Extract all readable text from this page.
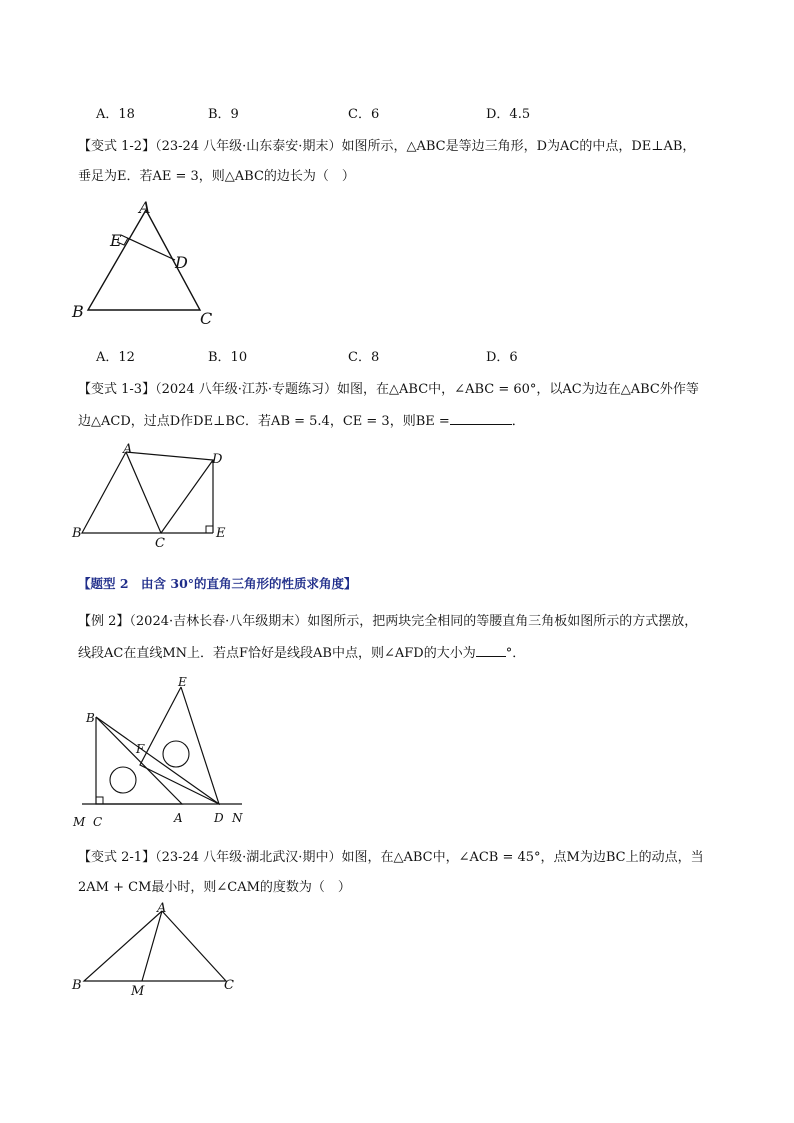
A．18	B．9	C．6	D．4.5
【变式 1-2】（23-24 八年级·山东泰安·期末）如图所示，△ABC是等边三角形，D为AC的中点，DE⊥AB，
垂足为E．若AE = 3，则△ABC的边长为（　）
A
E
D
B	C
A．12	B．10	C．8	D．6
【变式 1-3】（2024 八年级·江苏·专题练习）如图，在△ABC中，∠ABC = 60°，以AC为边在△ABC外作等
边△ACD，过点D作DE⊥BC．若AB = 5.4，CE = 3，则BE =	．
A
D
B
C
E
【题型 2　由含 30°的直角三角形的性质求角度】
【例 2】（2024·吉林长春·八年级期末）如图所示，把两块完全相同的等腰直角三角板如图所示的方式摆放，
线段AC在直线MN上．若点F恰好是线段AB中点，则∠AFD的大小为 °．
B
E
F
M C	A	D N
【变式 2-1】（23-24 八年级·湖北武汉·期中）如图，在△ABC中，∠ACB = 45°，点M为边BC上的动点，当
2AM + CM最小时，则∠CAM的度数为（　）
A
B	M	C
